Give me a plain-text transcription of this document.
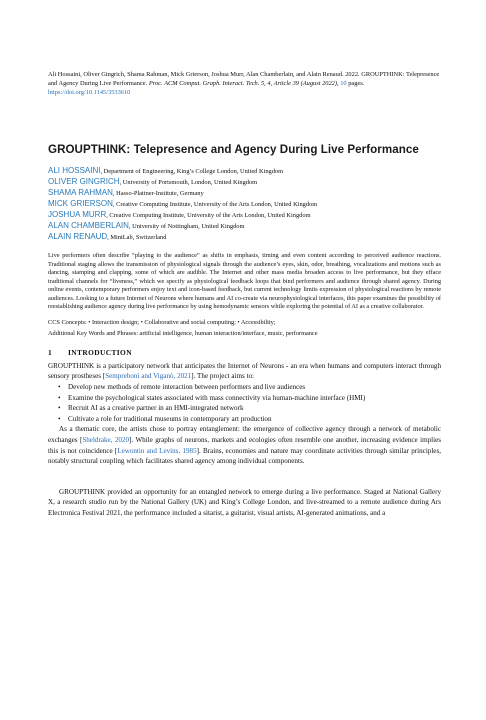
Ali Hossaini, Oliver Gingrich, Shama Rahman, Mick Grierson, Joshua Murr, Alan Chamberlain, and Alain Renaud. 2022. GROUPTHINK: Telepresence and Agency During Live Performance. Proc. ACM Comput. Graph. Interact. Tech. 5, 4, Article 39 (August 2022), 10 pages. https://doi.org/10.1145/3533610

GROUPTHINK: Telepresence and Agency During Live Performance
ALI HOSSAINI, Department of Engineering, King’s College London, United Kingdom
OLIVER GINGRICH, University of Portsmouth, London, United Kingdom
SHAMA RAHMAN, Hasso-Plattner-Institute, Germany
MICK GRIERSON, Creative Computing Institute, University of the Arts London, United Kingdom
JOSHUA MURR, Creative Computing Institute, University of the Arts London, United Kingdom
ALAN CHAMBERLAIN, University of Nottingham, United Kingdom
ALAIN RENAUD, MintLab, Switzerland

Live performers often describe “playing to the audience” as shifts in emphasis, timing and even content according to perceived audience reactions. Traditional staging allows the transmission of physiological signals through the audience’s eyes, skin, odor, breathing, vocalizations and motions such as dancing, stamping and clapping, some of which are audible. The Internet and other mass media broaden access to live performance, but they efface traditional channels for “liveness,” which we specify as physiological feedback loops that bind performers and audience through shared agency. During online events, contemporary performers enjoy text and icon-based feedback, but current technology limits expression of physiological reactions by remote audiences. Looking to a future Internet of Neurons where humans and AI co-create via neurophysiological interfaces, this paper examines the possibility of reestablishing audience agency during live performance by using hemodynamic sensors while exploring the potential of AI as a creative collaborator.

CCS Concepts: • Interaction design; • Collaborative and social computing; • Accessibility;

Additional Key Words and Phrases: artificial intelligence, human interaction/interface, music, performance

1 INTRODUCTION

GROUPTHINK is a participatory network that anticipates the Internet of Neurons - an era when humans and computers interact through sensory prostheses [Sempreboni and Viganò, 2021]. The project aims to:

• Develop new methods of remote interaction between performers and live audiences
• Examine the psychological states associated with mass connectivity via human-machine interface (HMI)
• Recruit AI as a creative partner in an HMI-integrated network
• Cultivate a role for traditional museums in contemporary art production

As a thematic core, the artists chose to portray entanglement: the emergence of collective agency through a network of metabolic exchanges [Sheldrake, 2020]. While graphs of neurons, markets and ecologies often resemble one another, increasing evidence implies this is not coincidence [Lewontin and Levins, 1985]. Brains, economies and nature may coordinate activities through similar principles, notably structural coupling which facilitates shared agency among individual components.

GROUPTHINK provided an opportunity for an entangled network to emerge during a live performance. Staged at National Gallery X, a research studio run by the National Gallery (UK) and King’s College London, and live-streamed to a remote audience during Ars Electronica Festival 2021, the performance included a sitarist, a guitarist, visual artists, AI-generated animations, and a
